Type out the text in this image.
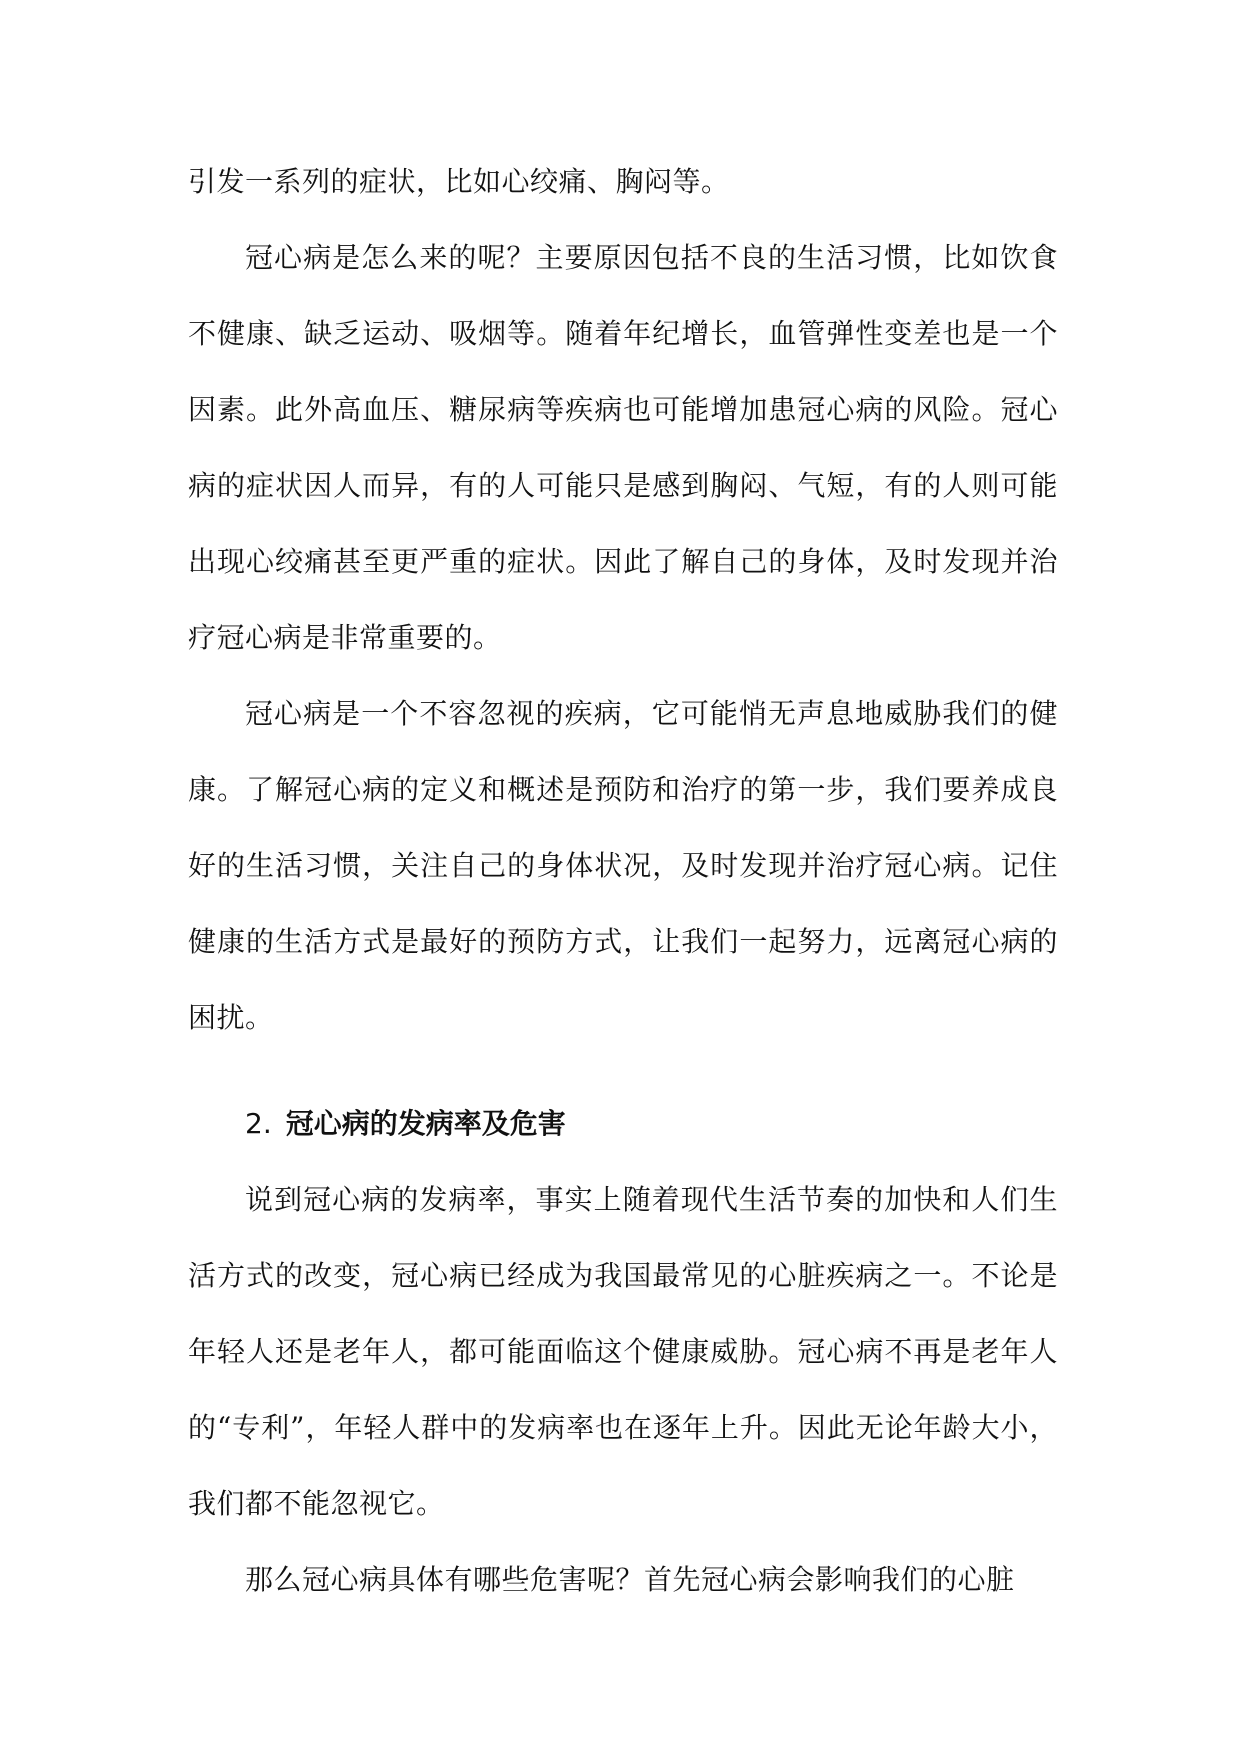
引发一系列的症状，比如心绞痛、胸闷等。

冠心病是怎么来的呢？主要原因包括不良的生活习惯，比如饮食不健康、缺乏运动、吸烟等。随着年纪增长，血管弹性变差也是一个因素。此外高血压、糖尿病等疾病也可能增加患冠心病的风险。冠心病的症状因人而异，有的人可能只是感到胸闷、气短，有的人则可能出现心绞痛甚至更严重的症状。因此了解自己的身体，及时发现并治疗冠心病是非常重要的。

冠心病是一个不容忽视的疾病，它可能悄无声息地威胁我们的健康。了解冠心病的定义和概述是预防和治疗的第一步，我们要养成良好的生活习惯，关注自己的身体状况，及时发现并治疗冠心病。记住健康的生活方式是最好的预防方式，让我们一起努力，远离冠心病的困扰。

2. 冠心病的发病率及危害

说到冠心病的发病率，事实上随着现代生活节奏的加快和人们生活方式的改变，冠心病已经成为我国最常见的心脏疾病之一。不论是年轻人还是老年人，都可能面临这个健康威胁。冠心病不再是老年人的“专利”，年轻人群中的发病率也在逐年上升。因此无论年龄大小，我们都不能忽视它。

那么冠心病具体有哪些危害呢？首先冠心病会影响我们的心脏
